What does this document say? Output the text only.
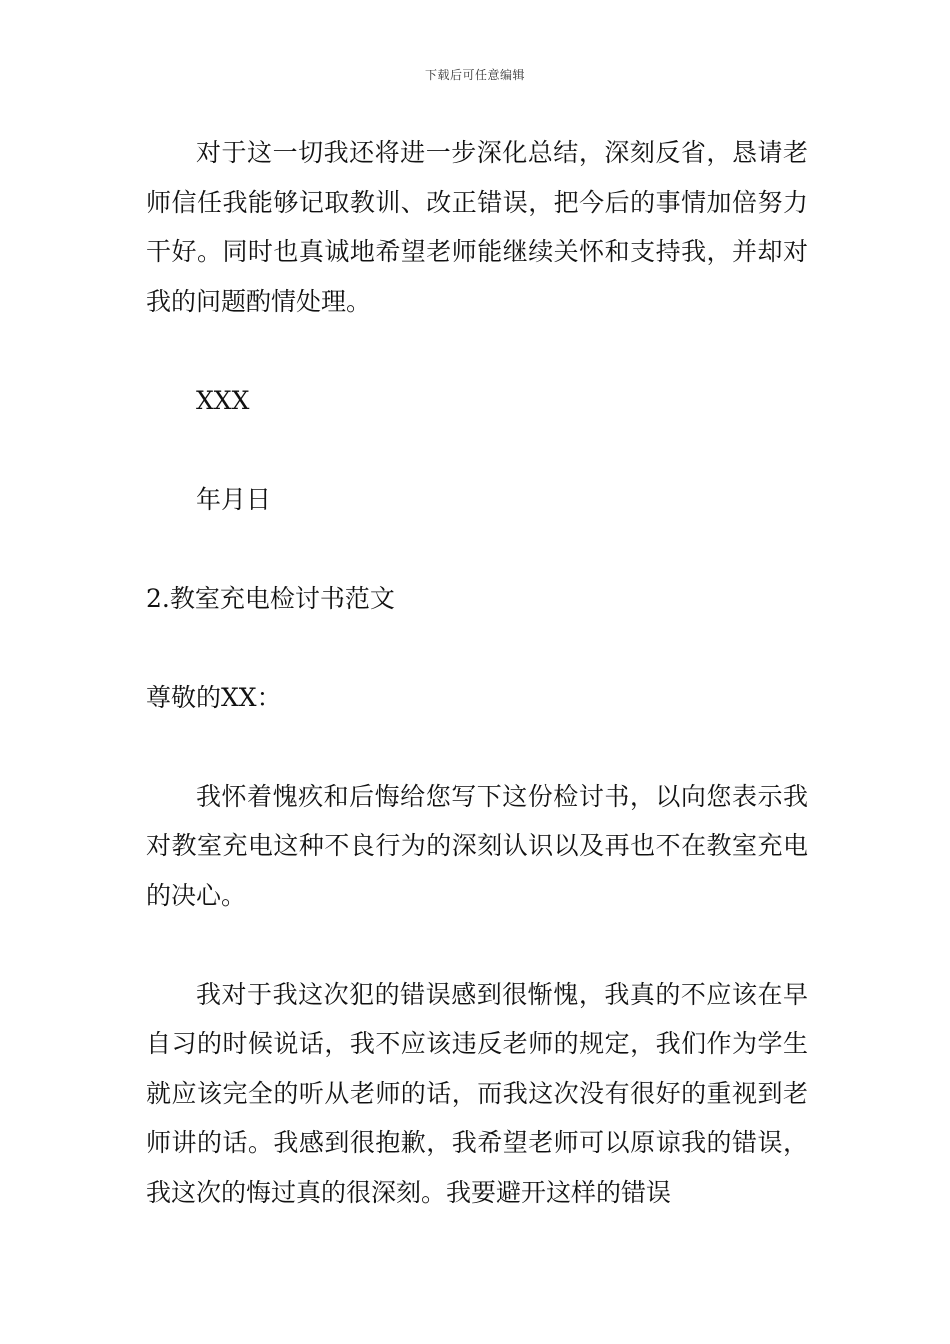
下载后可任意编辑

对于这一切我还将进一步深化总结，深刻反省，恳请老师信任我能够记取教训、改正错误，把今后的事情加倍努力干好。同时也真诚地希望老师能继续关怀和支持我，并却对我的问题酌情处理。

XXX

年月日

2.教室充电检讨书范文

尊敬的XX：

我怀着愧疚和后悔给您写下这份检讨书，以向您表示我对教室充电这种不良行为的深刻认识以及再也不在教室充电的决心。

我对于我这次犯的错误感到很惭愧，我真的不应该在早自习的时候说话，我不应该违反老师的规定，我们作为学生就应该完全的听从老师的话，而我这次没有很好的重视到老师讲的话。我感到很抱歉，我希望老师可以原谅我的错误，我这次的悔过真的很深刻。我要避开这样的错误
